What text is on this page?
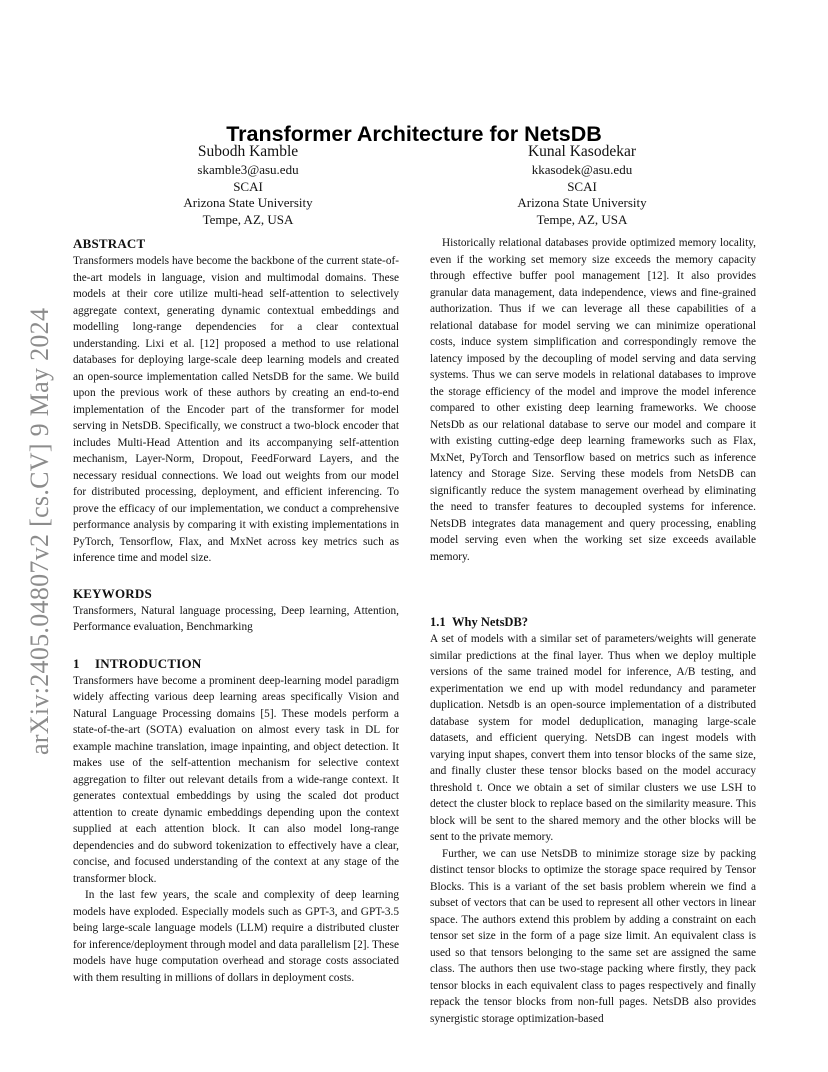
arXiv:2405.04807v2 [cs.CV] 9 May 2024
Transformer Architecture for NetsDB
Subodh Kamble
skamble3@asu.edu
SCAI
Arizona State University
Tempe, AZ, USA
Kunal Kasodekar
kkasodek@asu.edu
SCAI
Arizona State University
Tempe, AZ, USA
ABSTRACT

Transformers models have become the backbone of the current state-of-the-art models in language, vision and multimodal domains. These models at their core utilize multi-head self-attention to selectively aggregate context, generating dynamic contextual embeddings and modelling long-range dependencies for a clear contextual understanding. Lixi et al. [12] proposed a method to use relational databases for deploying large-scale deep learning models and created an open-source implementation called NetsDB for the same. We build upon the previous work of these authors by creating an end-to-end implementation of the Encoder part of the transformer for model serving in NetsDB. Specifically, we construct a two-block encoder that includes Multi-Head Attention and its accompanying self-attention mechanism, Layer-Norm, Dropout, FeedForward Layers, and the necessary residual connections. We load out weights from our model for distributed processing, deployment, and efficient inferencing. To prove the efficacy of our implementation, we conduct a comprehensive performance analysis by comparing it with existing implementations in PyTorch, Tensorflow, Flax, and MxNet across key metrics such as inference time and model size.

KEYWORDS

Transformers, Natural language processing, Deep learning, Attention, Performance evaluation, Benchmarking

1 INTRODUCTION

Transformers have become a prominent deep-learning model paradigm widely affecting various deep learning areas specifically Vision and Natural Language Processing domains [5]. These models perform a state-of-the-art (SOTA) evaluation on almost every task in DL for example machine translation, image inpainting, and object detection. It makes use of the self-attention mechanism for selective context aggregation to filter out relevant details from a wide-range context. It generates contextual embeddings by using the scaled dot product attention to create dynamic embeddings depending upon the context supplied at each attention block. It can also model long-range dependencies and do subword tokenization to effectively have a clear, concise, and focused understanding of the context at any stage of the transformer block.

In the last few years, the scale and complexity of deep learning models have exploded. Especially models such as GPT-3, and GPT-3.5 being large-scale language models (LLM) require a distributed cluster for inference/deployment through model and data parallelism [2]. These models have huge computation overhead and storage costs associated with them resulting in millions of dollars in deployment costs.

Historically relational databases provide optimized memory locality, even if the working set memory size exceeds the memory capacity through effective buffer pool management [12]. It also provides granular data management, data independence, views and fine-grained authorization. Thus if we can leverage all these capabilities of a relational database for model serving we can minimize operational costs, induce system simplification and correspondingly remove the latency imposed by the decoupling of model serving and data serving systems. Thus we can serve models in relational databases to improve the storage efficiency of the model and improve the model inference compared to other existing deep learning frameworks. We choose NetsDb as our relational database to serve our model and compare it with existing cutting-edge deep learning frameworks such as Flax, MxNet, PyTorch and Tensorflow based on metrics such as inference latency and Storage Size. Serving these models from NetsDB can significantly reduce the system management overhead by eliminating the need to transfer features to decoupled systems for inference. NetsDB integrates data management and query processing, enabling model serving even when the working set size exceeds available memory.

1.1 Why NetsDB?

A set of models with a similar set of parameters/weights will generate similar predictions at the final layer. Thus when we deploy multiple versions of the same trained model for inference, A/B testing, and experimentation we end up with model redundancy and parameter duplication. Netsdb is an open-source implementation of a distributed database system for model deduplication, managing large-scale datasets, and efficient querying. NetsDB can ingest models with varying input shapes, convert them into tensor blocks of the same size, and finally cluster these tensor blocks based on the model accuracy threshold t. Once we obtain a set of similar clusters we use LSH to detect the cluster block to replace based on the similarity measure. This block will be sent to the shared memory and the other blocks will be sent to the private memory.

Further, we can use NetsDB to minimize storage size by packing distinct tensor blocks to optimize the storage space required by Tensor Blocks. This is a variant of the set basis problem wherein we find a subset of vectors that can be used to represent all other vectors in linear space. The authors extend this problem by adding a constraint on each tensor set size in the form of a page size limit. An equivalent class is used so that tensors belonging to the same set are assigned the same class. The authors then use two-stage packing where firstly, they pack tensor blocks in each equivalent class to pages respectively and finally repack the tensor blocks from non-full pages. NetsDB also provides synergistic storage optimization-based
